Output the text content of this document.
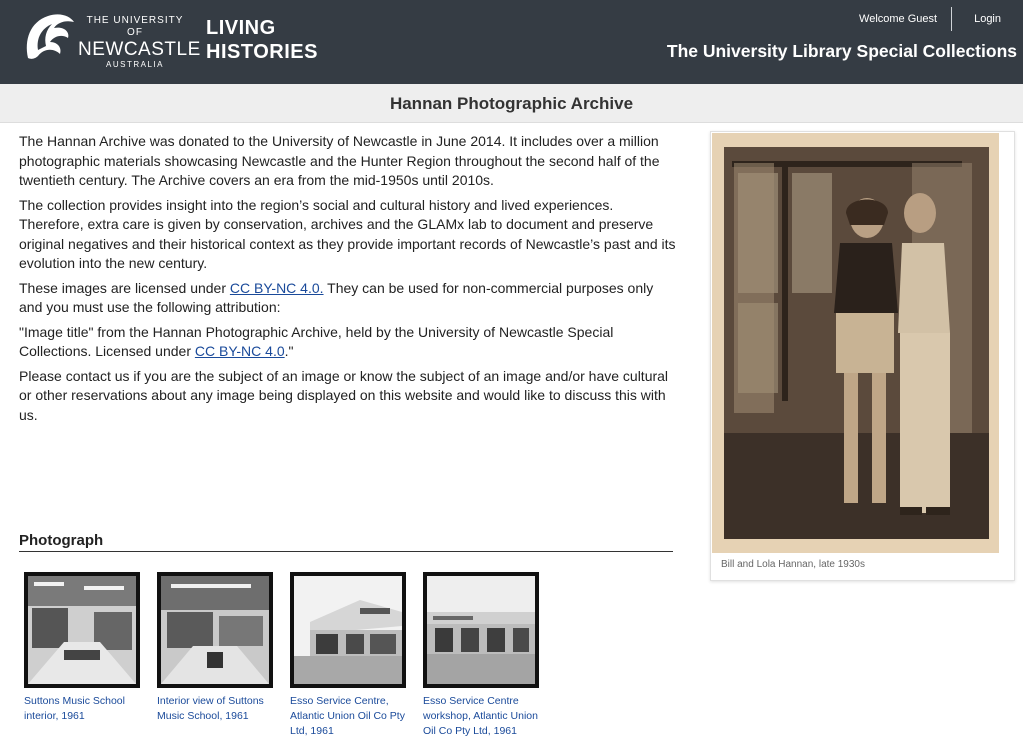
THE UNIVERSITY OF
NEWCASTLE
AUSTRALIA
LIVING
HISTORIES
Welcome Guest	Login
The University Library Special Collections
Hannan Photographic Archive

The Hannan Archive was donated to the University of Newcastle in June 2014. It includes over a million photographic materials showcasing Newcastle and the Hunter Region throughout the second half of the twentieth century. The Archive covers an era from the mid-1950s until 2010s.

The collection provides insight into the region’s social and cultural history and lived experiences. Therefore, extra care is given by conservation, archives and the GLAMx lab to document and preserve original negatives and their historical context as they provide important records of Newcastle’s past and its evolution into the new century.

These images are licensed under CC BY-NC 4.0. They can be used for non-commercial purposes only and you must use the following attribution:

"Image title" from the Hannan Photographic Archive, held by the University of Newcastle Special Collections. Licensed under CC BY-NC 4.0."

Please contact us if you are the subject of an image or know the subject of an image and/or have cultural or other reservations about any image being displayed on this website and would like to discuss this with us.

Bill and Lola Hannan, late 1930s
Photograph
Suttons Music School interior, 1961
Interior view of Suttons Music School, 1961
Esso Service Centre, Atlantic Union Oil Co Pty Ltd, 1961
Esso Service Centre workshop, Atlantic Union Oil Co Pty Ltd, 1961
